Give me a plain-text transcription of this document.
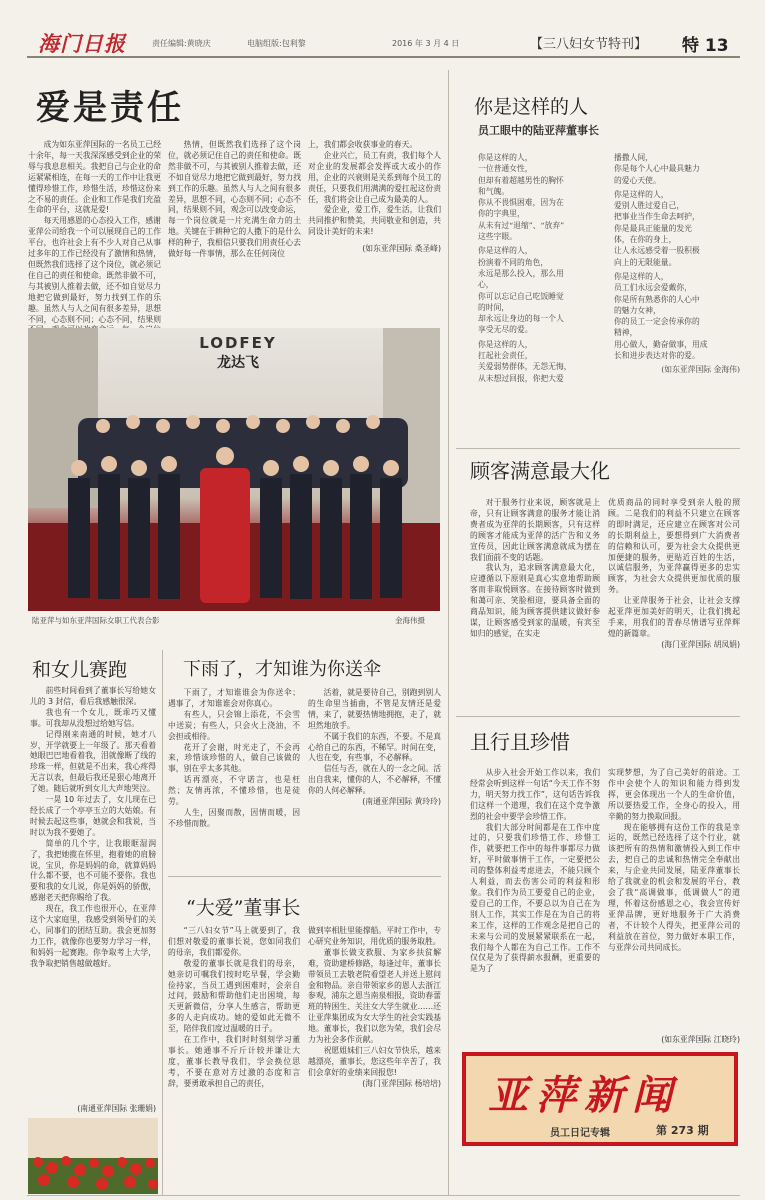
海门日报	责任编辑:黄晓庆	电脑组版:包利黎	2016 年 3 月 4 日	【三八妇女节特刊】 特 13
爱是责任

成为如东亚萍国际的一名员工已经十余年，每一天我深深感受到企业的荣辱与我息息相关。我把自己与企业的命运紧紧相连，在每一天的工作中让我更懂得珍惜工作，珍惜生活，珍惜这份来之不易的责任。企业和工作是我们充盈生命的平台，这就是爱!

每天用感恩的心态投入工作，感谢亚萍公司给我一个可以展现自己的工作平台，也许社会上有不少人对自己从事过多年的工作已经没有了激情和热情，但既然我们选择了这个岗位，就必须记住自己的责任和使命。既然非做不可，与其被别人推着去做，还不如自觉尽力地把它做到最好，努力找到工作的乐趣。虽然人与人之间有很多差异，思想不同，心态则不同；心态不同，结果则

热情，但既然我们选择了这个岗位，就必须记住自己的责任和使命。既然非做不可，与其被别人推着去做，还不如自觉尽力地把它做到最好，努力找到工作的乐趣。虽然人与人之间有很多差异，思想不同，心态则不同；心态不同，结果则不同，观念可以改变命运，每一个岗位就是一片充满生命力的土地。关键在于耕种它的人撒下的是什么样的种子，我相信只要我们用责任心去做好每一件事情，那么在任何岗位

上，我们都会收获事业的春天。

企业兴亡，员工有责，我们每个人对企业的发展都会发挥或大或小的作用，企业的兴衰则是关系到每个员工的责任，只要我们用满满的爱扛起这份责任，我们将会让自己成为最美的人。

爱企业，爱工作，爱生活，让我们共同推护和赞美，共同敬业和创造，共同设计美好的未来!

(如东亚萍国际 桑圣峰)
LODFEY
龙达飞
陆亚萍与如东亚萍国际女职工代表合影	金海伟摄
你是这样的人
员工眼中的陆亚萍董事长

你是这样的人，
一位普通女性，
但却有着超越男性的胸怀
和气魄。
你从不畏惧困难，因为在
你的字典里，
从未有过“退缩”、“放弃”
这些字眼。

你是这样的人，
扮演着不同的角色，
永远是那么投入，那么用
心，
你可以忘记自己吃饭睡觉
的时间，
却永远让身边的每一个人
享受无尽的爱。

你是这样的人，
扛起社会责任，
关爱弱势群体，无怨无悔，
从未想过回报，你把大爱

播撒人间，
你是每个人心中最具魅力
的爱心天使。

你是这样的人，
爱别人胜过爱自己，
把事业当作生命去呵护，
你是最具正能量的发光
体，在你的身上，
让人永远感受着一股积极
向上的无限能量。

你是这样的人，
员工们永远会爱戴你，
你是所有熟悉你的人心中
的魅力女神，
你的员工一定会传承你的
精神，
用心做人，勤奋做事，用成
长和进步表达对你的爱。

(如东亚萍国际 金海伟)
顾客满意最大化

对于服务行业来说，顾客就是上帝，只有让顾客满意的服务才能让消费者成为亚萍的长期顾客，只有这样的顾客才能成为亚萍的活广告和义务宣传员，因此让顾客满意就成为摆在我们面前不变的话题。

我认为，追求顾客满意最大化，应遵循以下原则是真心实意地帮助顾客而非取悦顾客。在接待顾客时做到和蔼可亲、笑脸相迎，要具备全面的商品知识，能为顾客提供建议做好参谋，让顾客感受到家的温暖，有宾至如归的感觉，在实走

优质商品的同时享受到亲人般的照顾。二是我们的利益不只建立在顾客的即时满足，还应建立在顾客对公司的长期利益上，要想得到广大消费者的信赖和认可，要为社会大众提供更加便捷的服务，更贴近百姓的生活，以诚信服务，为亚萍赢得更多的忠实顾客，为社会大众提供更加优质的服务。

让亚萍服务于社会，让社会支撑起亚萍更加美好的明天，让我们携起手来，用我们的青春尽情谱写亚萍辉煌的新篇章。

(海门亚萍国际 胡凤娟)
和女儿赛跑

前些时间看到了董事长写给她女儿的 3 封信，看后我感触很深。

我也有一个女儿，既乖巧又懂事。可我却从没想过给她写信。

记得刚来南通的时候，她才八岁，开学就要上一年级了。那天看着她眼巴巴地看着我，泪就像断了线的珍珠一样，但就是不出来，我心疼得无言以表，但最后我还是狠心地离开了她。随后就听到女儿大声地哭泣。

一晃 10 年过去了，女儿现在已经长成了一个亭亭玉立的大姑娘。有时候去起这些事，她就会和我说，当时以为我不要她了。

简单的几个字，让我眼眶湿润了，我把她揽在怀里，抱着她的肩膀说，宝贝，你是妈妈的命，就算妈妈什么都不要，也不可能不要你。我也要和我的女儿说，你是妈妈的骄傲，感谢老天把你赐给了我。

现在，我工作也很开心，在亚萍这个大家庭里，我感受到领导们的关心，同事们的团结互助。我会更加努力工作，就像你也要努力学习一样，和妈妈一起赛跑。你争取考上大学，我争取把销售越做越好。

(南通亚萍国际 张珊娟)
下雨了，才知谁为你送伞

下雨了，才知谁谁会为你送伞；遇事了，才知谁谁会对你真心。

有些人，只会锦上添花，不会雪中送炭；有些人，只会火上浇油，不会担或相待。

花开了会谢，时光走了，不会再来，珍惜该珍惜的人，做自己该做的事，别在乎太多其他。

话再漂亮，不守诺言，也是枉然；友情再浓，不懂珍惜，也是徒劳。

人生，因聚而散，因情而暖，因不珍惜而散。

活着，就是要待自己，别跑到别人的生命里当插曲，不管是友情还是爱情，来了，就要热情地拥抱，走了，就坦然地放手。

不属于我们的东西，不要。不是真心给自己的东西，不稀罕。时间在变，人也在变，有些事，不必解释。

信任与否，就在人的一念之间。活出自我来，懂你的人，不必解释，不懂你的人何必解释。

(南通亚萍国际 黄玲玲)
“大爱”董事长

“三八妇女节”马上就要到了，我们想对敬爱的董事长说，您如同我们的母亲，我们都爱你。

敬爱的董事长就是我们的母亲，她亲切可嘱我们按时吃早餐，学会勤俭持家，当员工遇到困难时，会亲自过问，鼓励和帮助他们走出困境，每天更新微信，分享人生感言，帮助更多的人走向成功。她的爱如此无微不至，陪伴我们度过温暖的日子。

在工作中，我们时时刻刻学习董事长。她通事不斤斤计较并谦让大度，董事长教导我们，学会换位思考，不要在意对方过激的态度和言辞，要勇敢承担自己的责任，

做到宰相肚里能撑船。平时工作中，专心研究业务知识，用优质的服务取胜。

董事长做支救服、为家乡扶贫解难，资助建桥修路，每逢过年，董事长带领员工去敬老院看望老人并送上慰问金和物品。亲自带领家乡的恩人去浙江参观，浦东之恩当南泉相报，资助春蕾班的特困生、关注女大学生就业……还让亚萍集团成为女大学生的社会实践基地。董事长，我们以您为荣，我们会尽力为社会多作贡献。

祝愿姐妹们三八妇女节快乐，越来越漂亮，董事长，您这些年辛苦了，我们会拿好的业绩来回报您!

(海门亚萍国际 杨培培)
且行且珍惜

从步入社会开始工作以来，我们经常会听到这样一句话“今天工作不努力，明天努力找工作”，这句话告诉我们这样一个道理，我们在这个竞争激烈的社会中要学会珍惜工作。

我们大部分时间都是在工作中度过的，只要我们珍惜工作、珍惜工作，就要把工作中的每件事都尽力做好，平时做事情干工作，一定要把公司的整体利益考虑进去，不能只顾个人利益，而去伤害公司的利益和形象。我们作为员工要爱自己的企业，爱自己的工作，不要总以为自己在为别人工作，其实工作是在为自己的将来工作，这样的工作观念是把自己的未来与公司的发展紧紧联系在一起，我们每个人都在为自己工作。工作不仅仅是为了获得薪水报酬，更重要的是为了

实现梦想，为了自己美好的前途。工作中会使个人的知识和能力得到发挥，更会体现出一个人的生命价值，所以要热爱工作，全身心的投入，用辛勤的努力换取回报。

现在能够拥有这份工作的我是幸运的，既然已经选择了这个行业，就该把所有的热情和激情投入到工作中去，把自己的忠诚和热情完全奉献出来，与企业共同发展，陆亚萍董事长给了我就业的机会和发展的平台，教会了我“高调做事，低调做人”的道理，怀着这份感恩之心，我会宣传好亚萍品牌，更好地服务于广大消费者，不计较个人得失，把亚萍公司的利益放在首位，努力做好本职工作，与亚萍公司共同成长。

(如东亚萍国际 江晓玲)
亚萍新闻
员工日记专辑	第 273 期
